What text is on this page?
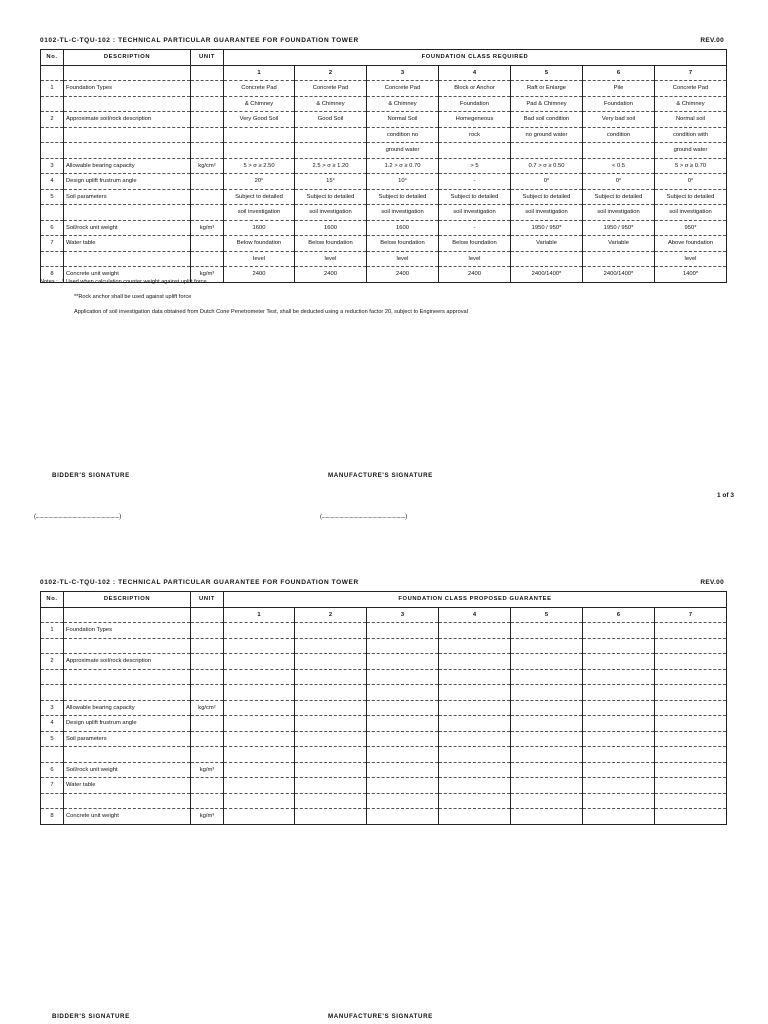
0102-TL-C-TQU-102 : TECHNICAL PARTICULAR GUARANTEE FOR FOUNDATION TOWER	REV.00
No.	DESCRIPTION	UNIT	FOUNDATION CLASS REQUIRED						
			1	2	3	4	5	6	7
1	Foundation Types		Concrete Pad	Concrete Pad	Concrete Pad	Block or Anchor	Raft or Enlarge	Pile	Concrete Pad
			& Chimney	& Chimney	& Chimney	Foundation	Pad & Chimney	Foundation	& Chimney
2	Approximate soil/rock description		Very Good Soil	Good Soil	Normal Soil	Homegeneous	Bad soil condition	Very bad soil	Normal soil
					condition no	rock	no ground water	condition	condition with
					ground water				ground water
3	Allowable bearing capacity	kg/cm²	5 > σ ≥ 2.50	2.5 > σ ≥ 1.20	1.2 > σ ≥ 0.70	> 5	0.7 > σ ≥ 0.50	< 0.5	5 > σ ≥ 0.70
4	Design uplift frustrum angle		20°	15°	10°	-	0°	0°	0°
5	Soil parameters		Subject to detailed	Subject to detailed	Subject to detailed	Subject to detailed	Subject to detailed	Subject to detailed	Subject to detailed
			soil investigation	soil investigation	soil investigation	soil investigation	soil investigation	soil investigation	soil investigation
6	Soil/rock unit weight	kg/m³	1600	1600	1600	-	1950 / 950*	1950 / 950*	950*
7	Water table		Below foundation	Below foundation	Below foundation	Below foundation	Variable	Variable	Above foundation
			level	level	level	level			level
8	Concrete unit weight	kg/m³	2400	2400	2400	2400	2400/1400*	2400/1400*	1400*
Notes : * Used when calculation counter weight against uplift force
**Rock anchor shall be used against uplift force
Application of soil investigation data obtained from Dutch Cone Penetrometer Test, shall be deducted using a reduction factor 20, subject to Engineers approval
BIDDER'S SIGNATURE	MANUFACTURE'S SIGNATURE
1 of 3
(..................................................................)	(..................................................................)
0102-TL-C-TQU-102 : TECHNICAL PARTICULAR GUARANTEE FOR FOUNDATION TOWER	REV.00
No.	DESCRIPTION	UNIT	FOUNDATION CLASS PROPOSED GUARANTEE						
			1	2	3	4	5	6	7
1	Foundation Types								

2	Approximate soil/rock description								

3	Allowable bearing capacity	kg/cm²							
4	Design uplift frustrum angle								
5	Soil parameters								

6	Soil/rock unit weight	kg/m³							
7	Water table								

8	Concrete unit weight	kg/m³							
BIDDER'S SIGNATURE	MANUFACTURE'S SIGNATURE
